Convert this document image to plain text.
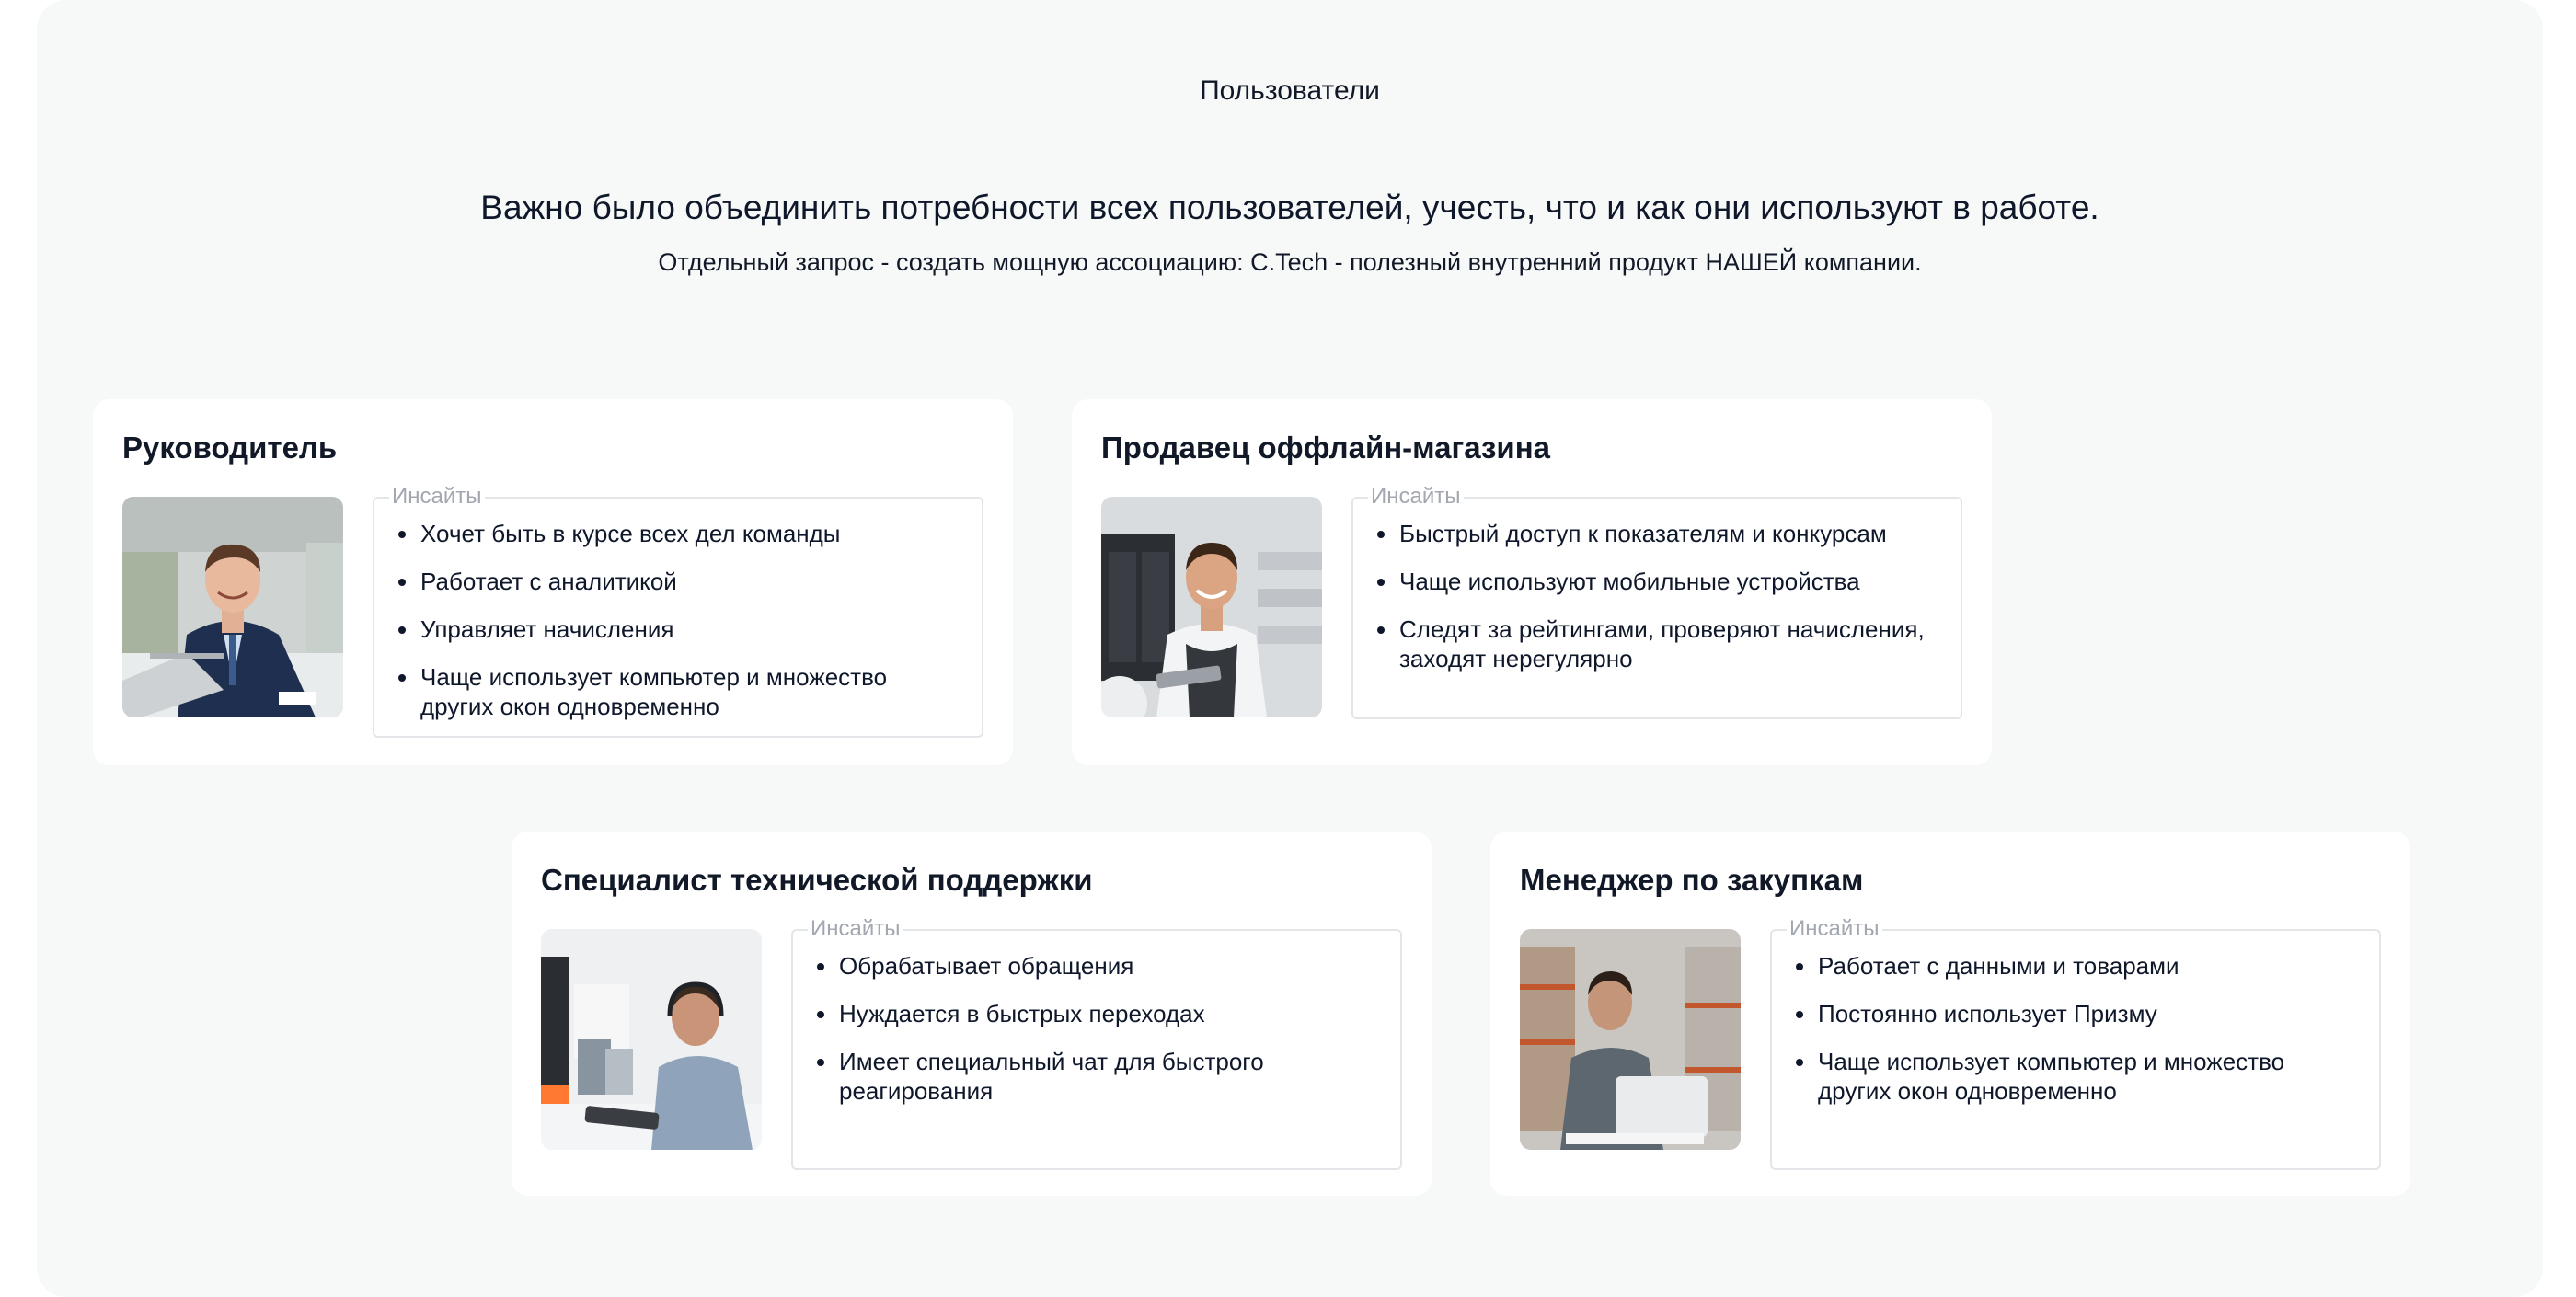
Пользователи
Важно было объединить потребности всех пользователей, учесть, что и как они используют в работе.
Отдельный запрос - создать мощную ассоциацию: C.Tech - полезный внутренний продукт НАШЕЙ компании.
Руководитель
Инсайты
Хочет быть в курсе всех дел команды
Работает с аналитикой
Управляет начисления
Чаще использует компьютер и множество других окон одновременно
Продавец оффлайн-магазина
Инсайты
Быстрый доступ к показателям и конкурсам
Чаще используют мобильные устройства
Следят за рейтингами, проверяют начисления, заходят нерегулярно
Специалист технической поддержки
Инсайты
Обрабатывает обращения
Нуждается в быстрых переходах
Имеет специальный чат для быстрого реагирования
Менеджер по закупкам
Инсайты
Работает с данными и товарами
Постоянно использует Призму
Чаще использует компьютер и множество других окон одновременно
